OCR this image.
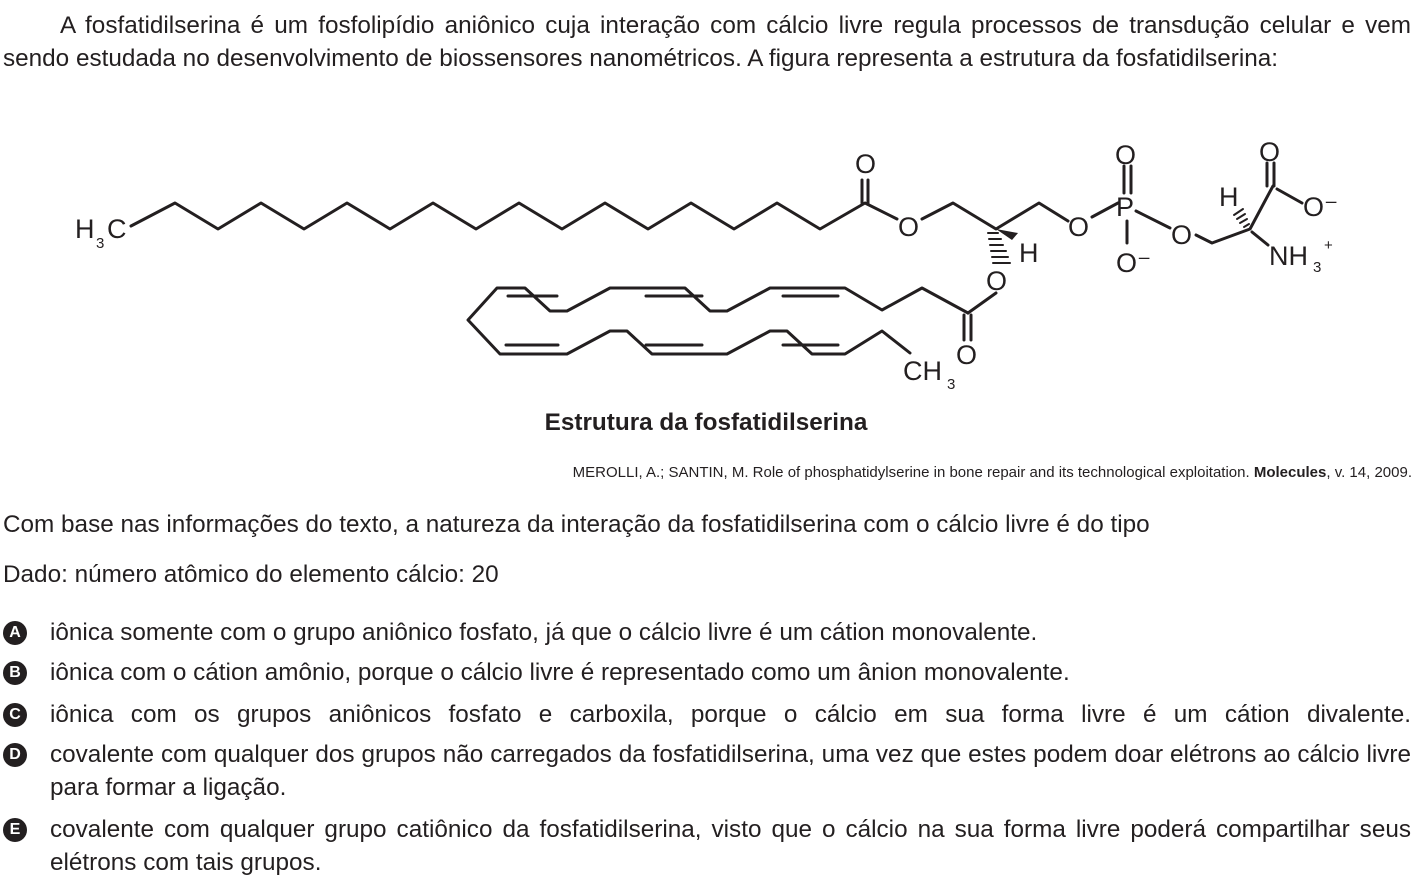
A fosfatidilserina é um fosfolipídio aniônico cuja interação com cálcio livre regula processos de transdução celular e vem sendo estudada no desenvolvimento de biossensores nanométricos. A figura representa a estrutura da fosfatidilserina:

H 3 C
O
O
H
O
O
O
O
P
O⁻
O
H
O
O⁻
NH 3
+
CH 3

Estrutura da fosfatidilserina

MEROLLI, A.; SANTIN, M. Role of phosphatidylserine in bone repair and its technological exploitation. Molecules, v. 14, 2009.

Com base nas informações do texto, a natureza da interação da fosfatidilserina com o cálcio livre é do tipo

Dado: número atômico do elemento cálcio: 20

A iônica somente com o grupo aniônico fosfato, já que o cálcio livre é um cátion monovalente.
B iônica com o cátion amônio, porque o cálcio livre é representado como um ânion monovalente.
C iônica com os grupos aniônicos fosfato e carboxila, porque o cálcio em sua forma livre é um cátion divalente.
D covalente com qualquer dos grupos não carregados da fosfatidilserina, uma vez que estes podem doar elétrons ao cálcio livre para formar a ligação.
E covalente com qualquer grupo catiônico da fosfatidilserina, visto que o cálcio na sua forma livre poderá compartilhar seus elétrons com tais grupos.
